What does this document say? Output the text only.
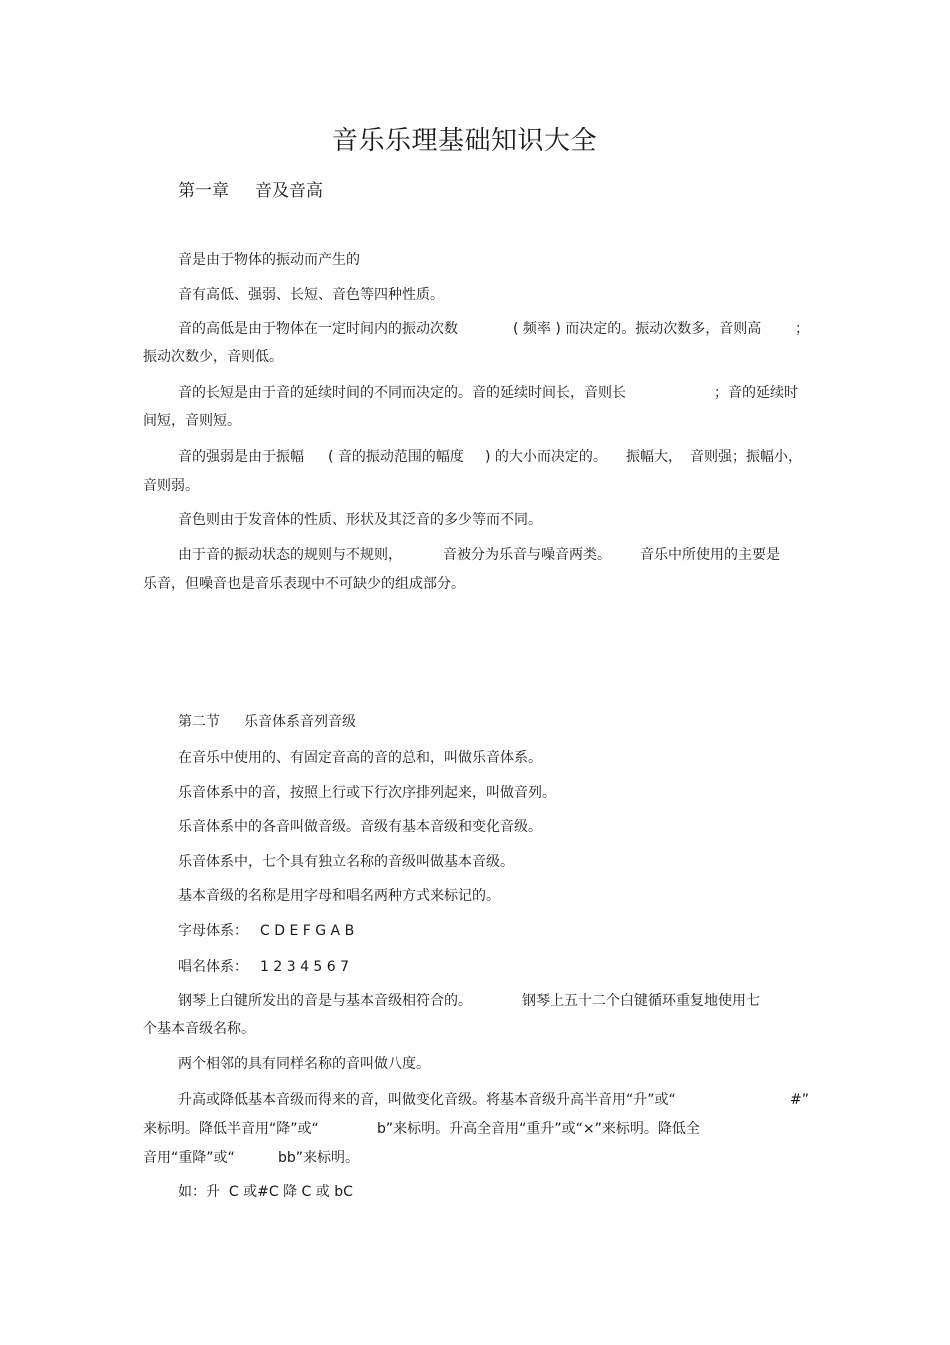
音乐乐理基础知识大全
第一章 音及音高
音是由于物体的振动而产生的
音有高低、强弱、长短、音色等四种性质。
音的高低是由于物体在一定时间内的振动次数	( 频率 ) 而决定的。振动次数多，音则高 ；
振动次数少，音则低。
音的长短是由于音的延续时间的不同而决定的。音的延续时间长，音则长	；音的延续时
间短，音则短。
音的强弱是由于振幅 ( 音的振动范围的幅度 ) 的大小而决定的。 振幅大， 音则强；振幅小，
音则弱。
音色则由于发音体的性质、形状及其泛音的多少等而不同。
由于音的振动状态的规则与不规则，	音被分为乐音与噪音两类。 音乐中所使用的主要是
乐音，但噪音也是音乐表现中不可缺少的组成部分。
第二节 乐音体系音列音级
在音乐中使用的、有固定音高的音的总和，叫做乐音体系。
乐音体系中的音，按照上行或下行次序排列起来，叫做音列。
乐音体系中的各音叫做音级。音级有基本音级和变化音级。
乐音体系中，七个具有独立名称的音级叫做基本音级。
基本音级的名称是用字母和唱名两种方式来标记的。
字母体系： C D E F G A B
唱名体系： 1 2 3 4 5 6 7
钢琴上白键所发出的音是与基本音级相符合的。	钢琴上五十二个白键循环重复地使用七
个基本音级名称。
两个相邻的具有同样名称的音叫做八度。
升高或降低基本音级而得来的音，叫做变化音级。将基本音级升高半音用“升”或“	#”
来标明。降低半音用“降”或“	b”来标明。升高全音用“重升”或“×”来标明。降低全
音用“重降”或“	bb”来标明。
如：升  C 或#C 降 C 或 bC
